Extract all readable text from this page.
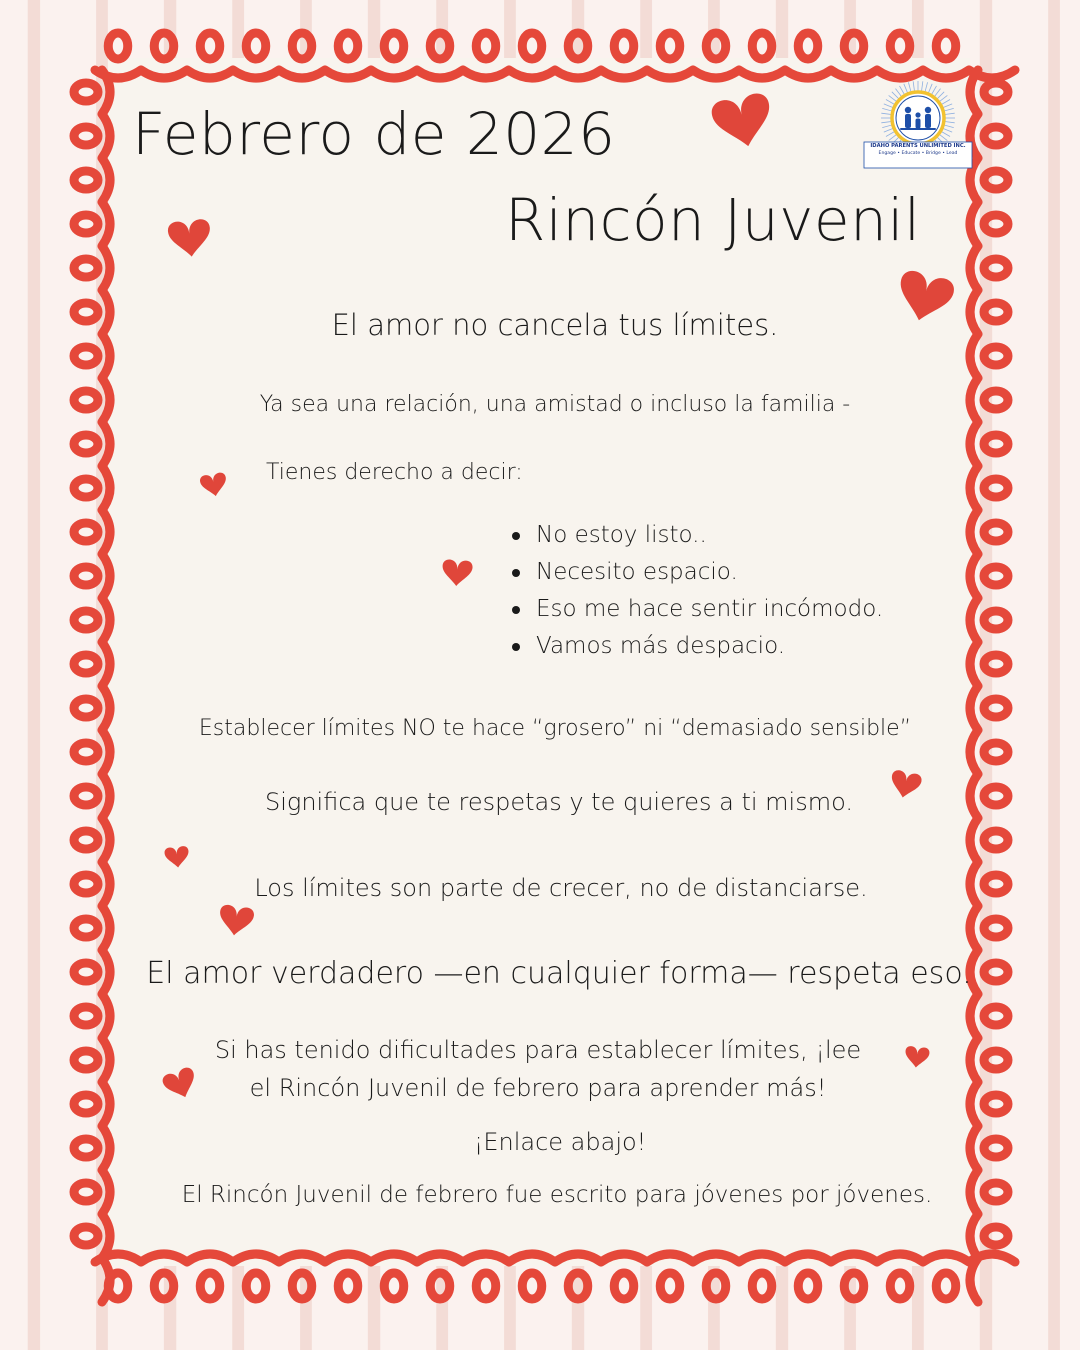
Febrero de 2026
Rincón Juvenil
IDAHO PARENTS UNLIMITED INC.
Engage • Educate • Bridge • Lead
El amor no cancela tus límites.
Ya sea una relación, una amistad o incluso la familia -
Tienes derecho a decir:
No estoy listo..
Necesito espacio.
Eso me hace sentir incómodo.
Vamos más despacio.
Establecer límites NO te hace “grosero” ni “demasiado sensible”
Significa que te respetas y te quieres a ti mismo.
Los límites son parte de crecer, no de distanciarse.
El amor verdadero —en cualquier forma— respeta eso.
Si has tenido dificultades para establecer límites, ¡lee
el Rincón Juvenil de febrero para aprender más!
¡Enlace abajo!
El Rincón Juvenil de febrero fue escrito para jóvenes por jóvenes.
